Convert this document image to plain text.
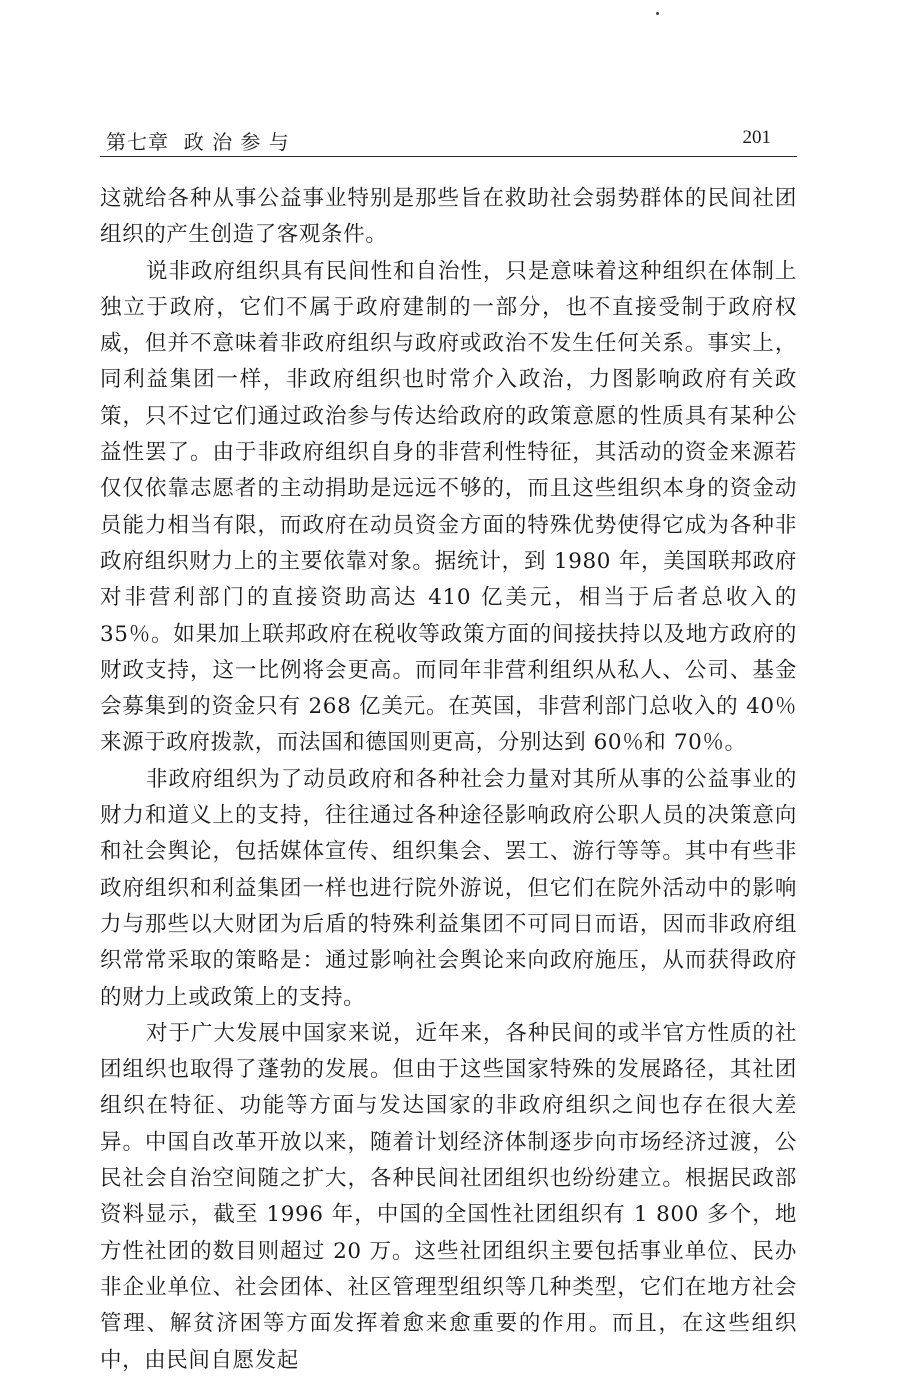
第七章  政 治 参 与	201

这就给各种从事公益事业特别是那些旨在救助社会弱势群体的民间社团组织的产生创造了客观条件。

说非政府组织具有民间性和自治性，只是意味着这种组织在体制上独立于政府，它们不属于政府建制的一部分，也不直接受制于政府权威，但并不意味着非政府组织与政府或政治不发生任何关系。事实上，同利益集团一样，非政府组织也时常介入政治，力图影响政府有关政策，只不过它们通过政治参与传达给政府的政策意愿的性质具有某种公益性罢了。由于非政府组织自身的非营利性特征，其活动的资金来源若仅仅依靠志愿者的主动捐助是远远不够的，而且这些组织本身的资金动员能力相当有限，而政府在动员资金方面的特殊优势使得它成为各种非政府组织财力上的主要依靠对象。据统计，到 1980 年，美国联邦政府对非营利部门的直接资助高达 410 亿美元，相当于后者总收入的 35％。如果加上联邦政府在税收等政策方面的间接扶持以及地方政府的财政支持，这一比例将会更高。而同年非营利组织从私人、公司、基金会募集到的资金只有 268 亿美元。在英国，非营利部门总收入的 40％来源于政府拨款，而法国和德国则更高，分别达到 60％和 70％。

非政府组织为了动员政府和各种社会力量对其所从事的公益事业的财力和道义上的支持，往往通过各种途径影响政府公职人员的决策意向和社会舆论，包括媒体宣传、组织集会、罢工、游行等等。其中有些非政府组织和利益集团一样也进行院外游说，但它们在院外活动中的影响力与那些以大财团为后盾的特殊利益集团不可同日而语，因而非政府组织常常采取的策略是：通过影响社会舆论来向政府施压，从而获得政府的财力上或政策上的支持。

对于广大发展中国家来说，近年来，各种民间的或半官方性质的社团组织也取得了蓬勃的发展。但由于这些国家特殊的发展路径，其社团组织在特征、功能等方面与发达国家的非政府组织之间也存在很大差异。中国自改革开放以来，随着计划经济体制逐步向市场经济过渡，公民社会自治空间随之扩大，各种民间社团组织也纷纷建立。根据民政部资料显示，截至 1996 年，中国的全国性社团组织有 1 800 多个，地方性社团的数目则超过 20 万。这些社团组织主要包括事业单位、民办非企业单位、社会团体、社区管理型组织等几种类型，它们在地方社会管理、解贫济困等方面发挥着愈来愈重要的作用。而且，在这些组织中，由民间自愿发起
